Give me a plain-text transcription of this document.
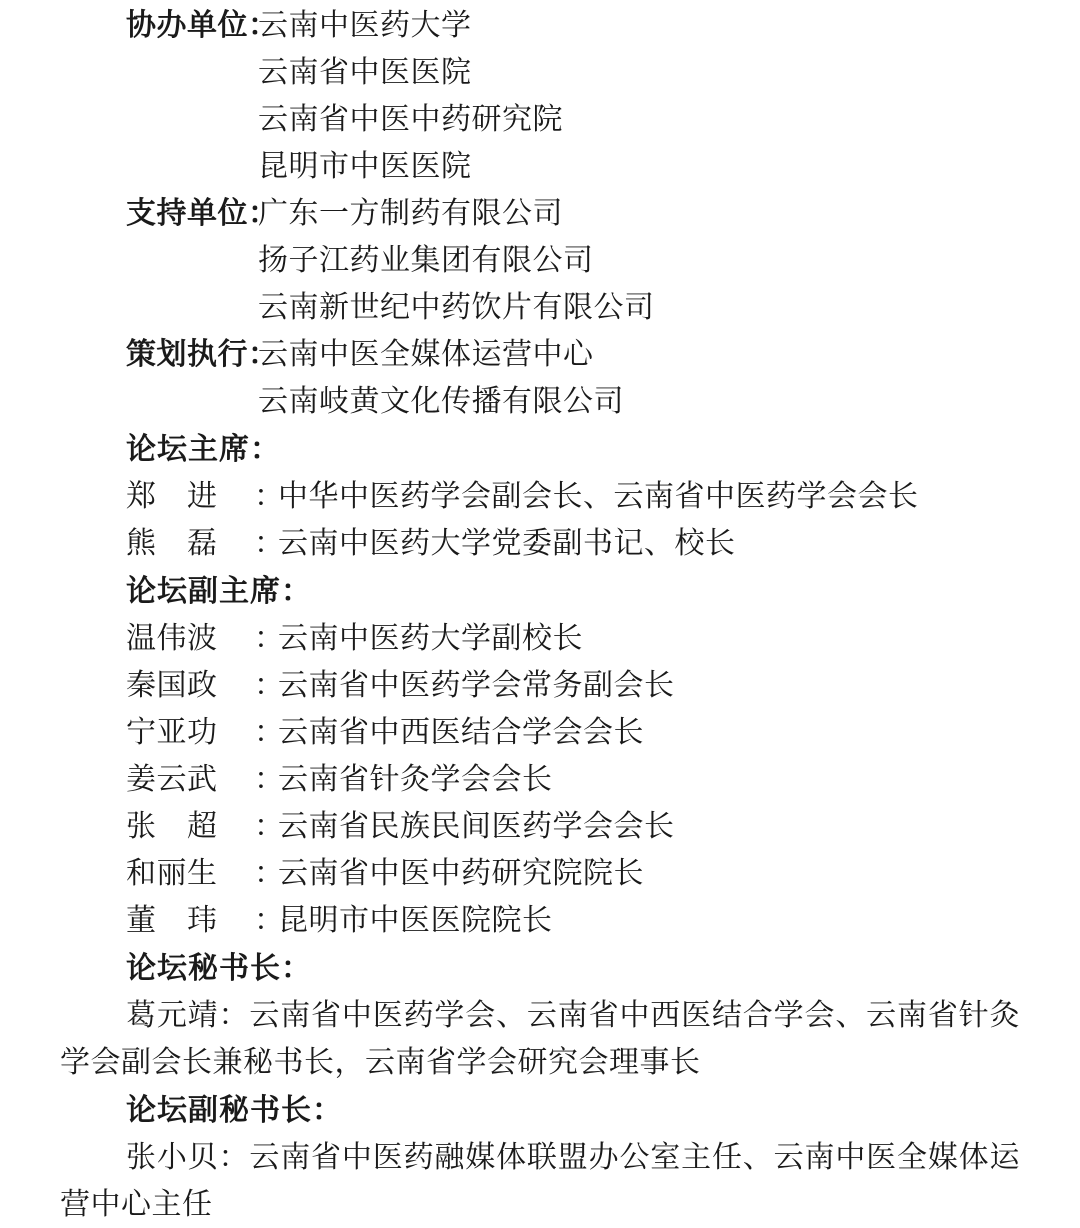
协办单位：
云南中医药大学
云南省中医医院
云南省中医中药研究院
昆明市中医医院
支持单位：
广东一方制药有限公司
扬子江药业集团有限公司
云南新世纪中药饮片有限公司
策划执行：
云南中医全媒体运营中心
云南岐黄文化传播有限公司
论坛主席：
郑　进	：
中华中医药学会副会长、云南省中医药学会会长
熊　磊	：
云南中医药大学党委副书记、校长
论坛副主席：
温伟波	：
云南中医药大学副校长
秦国政	：
云南省中医药学会常务副会长
宁亚功	：
云南省中西医结合学会会长
姜云武	：
云南省针灸学会会长
张　超	：
云南省民族民间医药学会会长
和丽生	：
云南省中医中药研究院院长
董　玮	：
昆明市中医医院院长
论坛秘书长：
葛元靖：云南省中医药学会、云南省中西医结合学会、云南省针灸学会副会长兼秘书长，云南省学会研究会理事长
论坛副秘书长：
张小贝：云南省中医药融媒体联盟办公室主任、云南中医全媒体运营中心主任
